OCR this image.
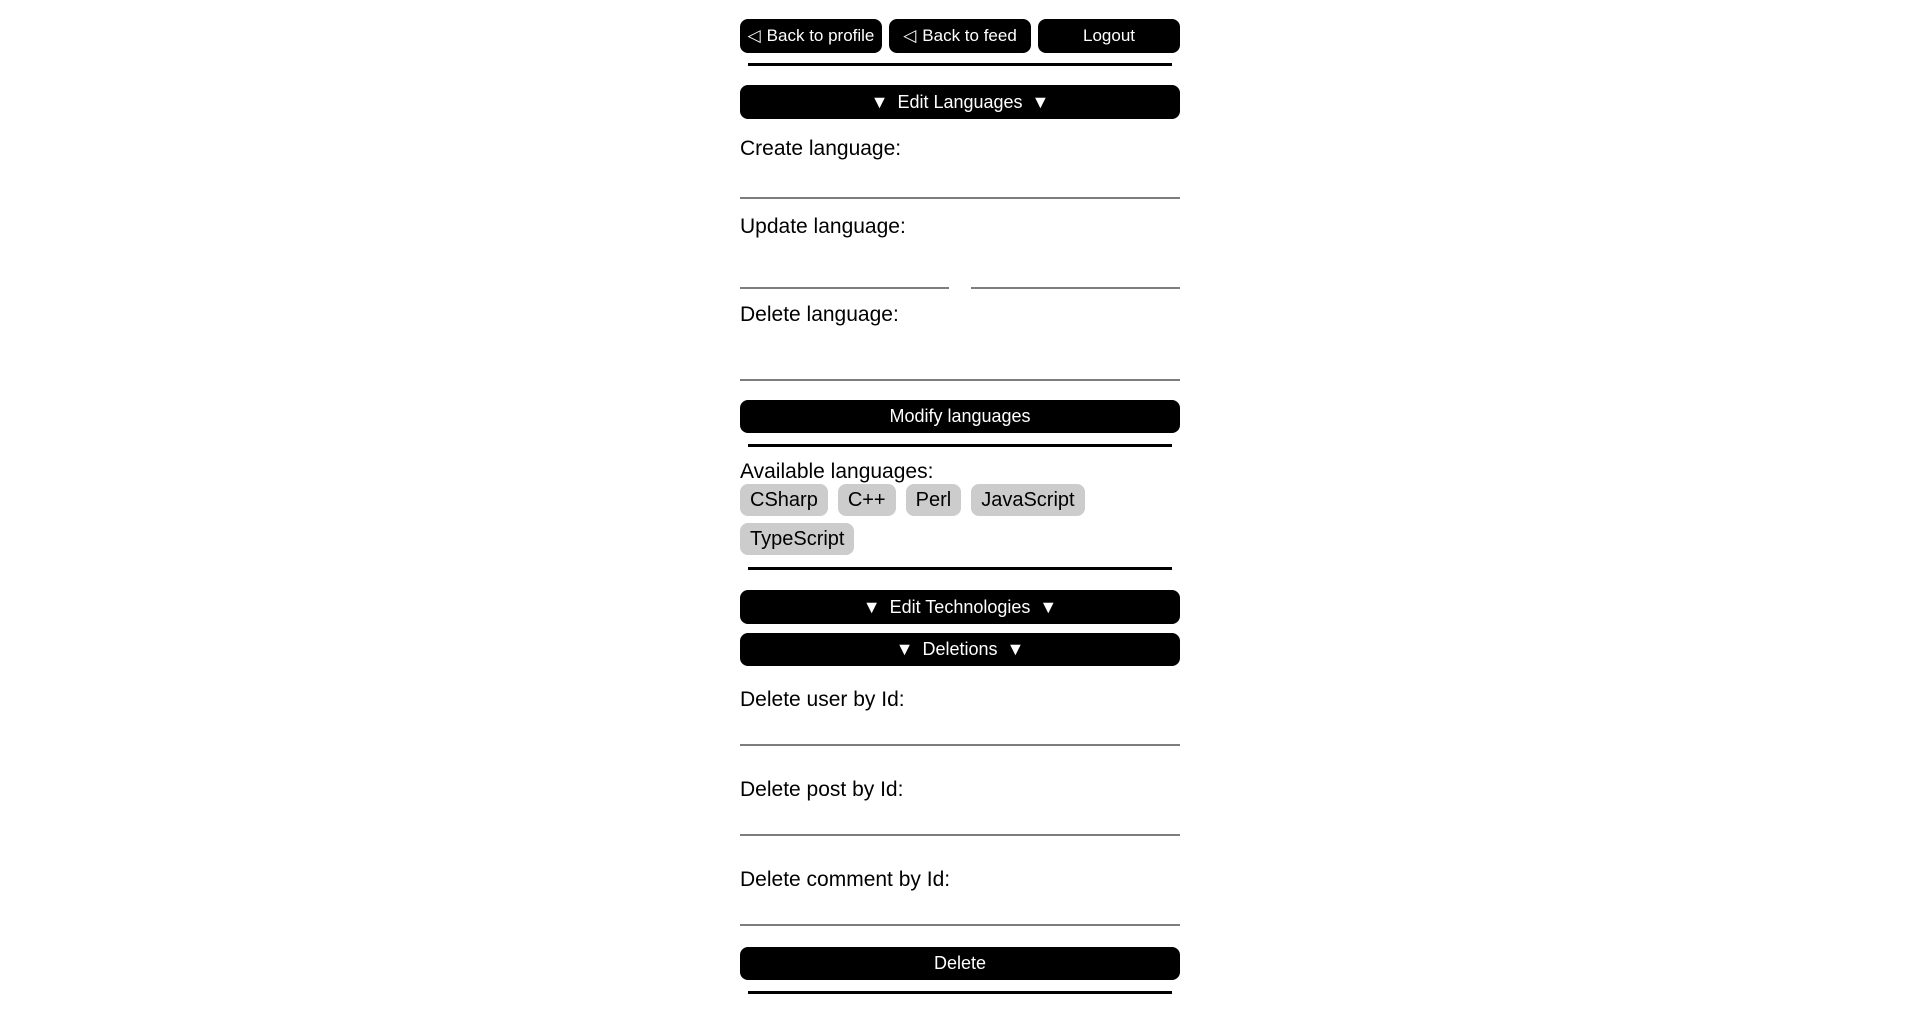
◁ Back to profile ◁ Back to feed	Logout
▼ Edit Languages ▼
Create language:
Update language:
Delete language:
Modify languages
Available languages:
CSharp	C++	Perl	JavaScript
TypeScript
▼ Edit Technologies ▼
▼ Deletions ▼
Delete user by Id:
Delete post by Id:
Delete comment by Id:
Delete
